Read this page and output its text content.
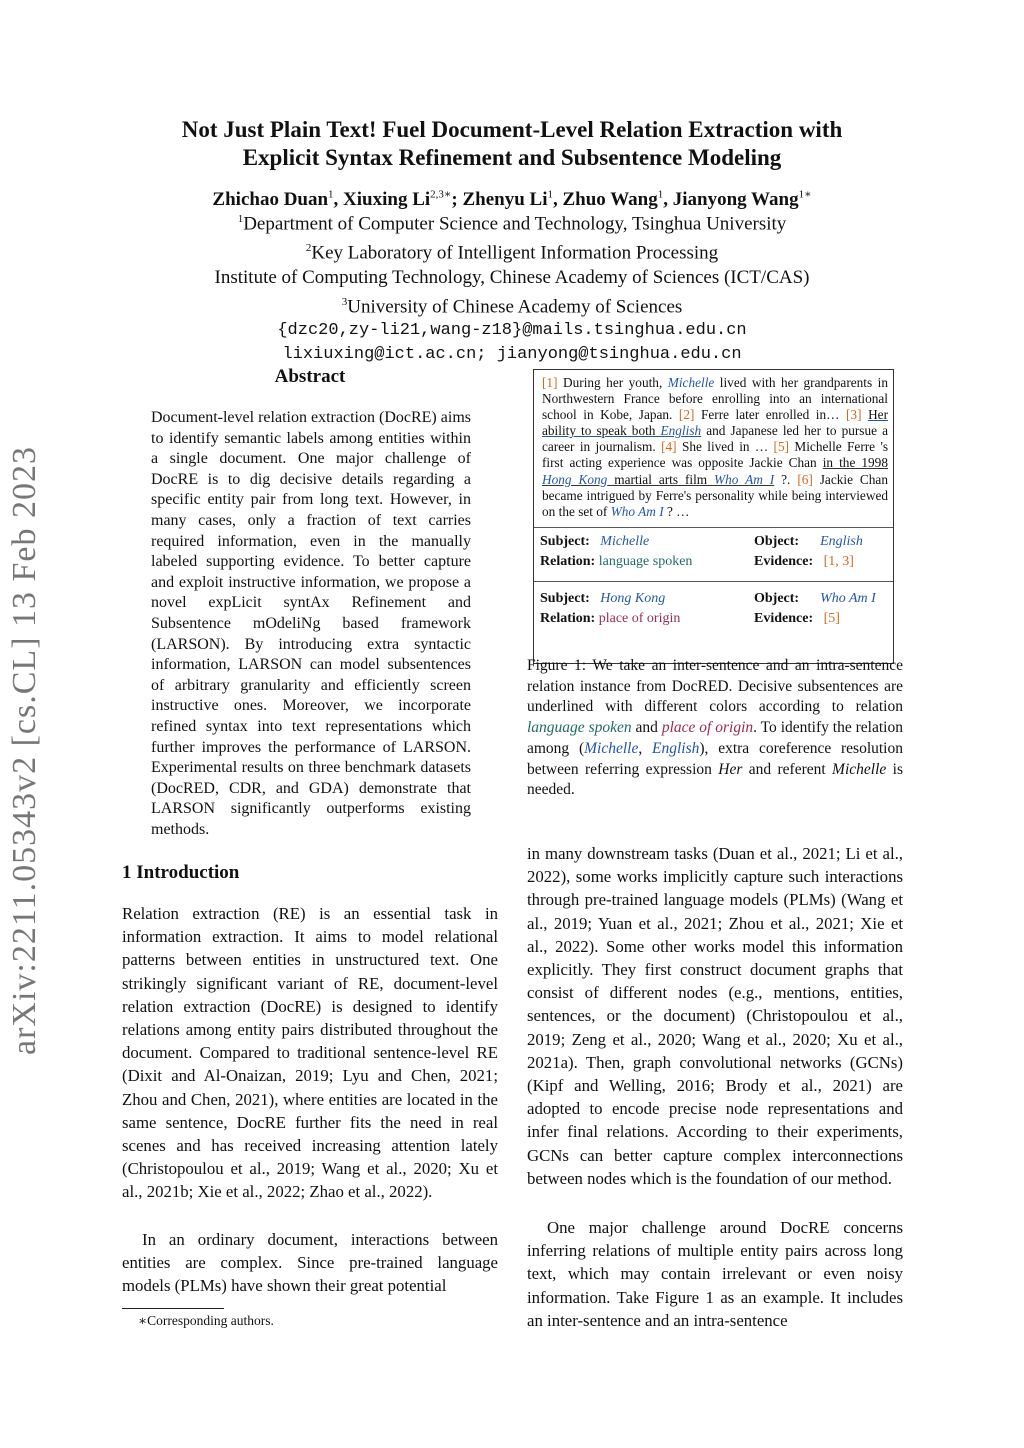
Not Just Plain Text! Fuel Document-Level Relation Extraction with
Explicit Syntax Refinement and Subsentence Modeling
Zhichao Duan$^1$, Xiuxing $Li^{2,3∗}$; Zhenyu Li$^1$, Zhuo Wang$^1$, Jianyong Wang$^{1∗}$
$^1$Department of Computer Science and Technology, Tsinghua University
$^2$Key Laboratory of Intelligent Information Processing
Institute of Computing Technology, Chinese Academy of Sciences (ICT/CAS)
$^3$University of Chinese Academy of Sciences
{dzc20,zy-li21,wang-z18}@mails.tsinghua.edu.cn
lixiuxing@ict.ac.cn; jianyong@tsinghua.edu.cn
arXiv:2211.05343v2 [cs.CL] 13 Feb 2023
Abstract
Document-level relation extraction (DocRE) aims to identify semantic labels among entities within a single document. One major challenge of DocRE is to dig decisive details regarding a specific entity pair from long text. However, in many cases, only a fraction of text carries required information, even in the manually labeled supporting evidence. To better capture and exploit instructive information, we propose a novel expLicit syntAx Refinement and Subsentence mOdeliNg based framework (LARSON). By introducing extra syntactic information, LARSON can model subsentences of arbitrary granularity and efficiently screen instructive ones. Moreover, we incorporate refined syntax into text representations which further improves the performance of LARSON. Experimental results on three benchmark datasets (DocRED, CDR, and GDA) demonstrate that LARSON significantly outperforms existing methods.
1 Introduction
Relation extraction (RE) is an essential task in information extraction. It aims to model relational patterns between entities in unstructured text. One strikingly significant variant of RE, document-level relation extraction (DocRE) is designed to identify relations among entity pairs distributed throughout the document. Compared to traditional sentence-level RE (Dixit and Al-Onaizan, 2019; Lyu and Chen, 2021; Zhou and Chen, 2021), where entities are located in the same sentence, DocRE further fits the need in real scenes and has received increasing attention lately (Christopoulou et al., 2019; Wang et al., 2020; Xu et al., 2021b; Xie et al., 2022; Zhao et al., 2022).
In an ordinary document, interactions between entities are complex. Since pre-trained language models (PLMs) have shown their great potential
∗Corresponding authors.
[1] During her youth, Michelle lived with her grandparents in Northwestern France before enrolling into an international school in Kobe, Japan. [2] Ferre later enrolled in… [3] Her ability to speak both English and Japanese led her to pursue a career in journalism. [4] She lived in … [5] Michelle Ferre 's first acting experience was opposite Jackie Chan in the 1998 Hong Kong martial arts film Who Am I ?. [6] Jackie Chan became intrigued by Ferre's personality while being interviewed on the set of Who Am I ? …
Subject: Michelle	Object: English
Relation: language spoken	Evidence: [1, 3]
Subject: Hong Kong	Object: Who Am I
Relation: place of origin	Evidence: [5]
Figure 1: We take an inter-sentence and an intra-sentence relation instance from DocRED. Decisive subsentences are underlined with different colors according to relation language spoken and place of origin. To identify the relation among (Michelle, English), extra coreference resolution between referring expression Her and referent Michelle is needed.
in many downstream tasks (Duan et al., 2021; Li et al., 2022), some works implicitly capture such interactions through pre-trained language models (PLMs) (Wang et al., 2019; Yuan et al., 2021; Zhou et al., 2021; Xie et al., 2022). Some other works model this information explicitly. They first construct document graphs that consist of different nodes (e.g., mentions, entities, sentences, or the document) (Christopoulou et al., 2019; Zeng et al., 2020; Wang et al., 2020; Xu et al., 2021a). Then, graph convolutional networks (GCNs) (Kipf and Welling, 2016; Brody et al., 2021) are adopted to encode precise node representations and infer final relations. According to their experiments, GCNs can better capture complex interconnections between nodes which is the foundation of our method.
One major challenge around DocRE concerns inferring relations of multiple entity pairs across long text, which may contain irrelevant or even noisy information. Take Figure 1 as an example. It includes an inter-sentence and an intra-sentence
